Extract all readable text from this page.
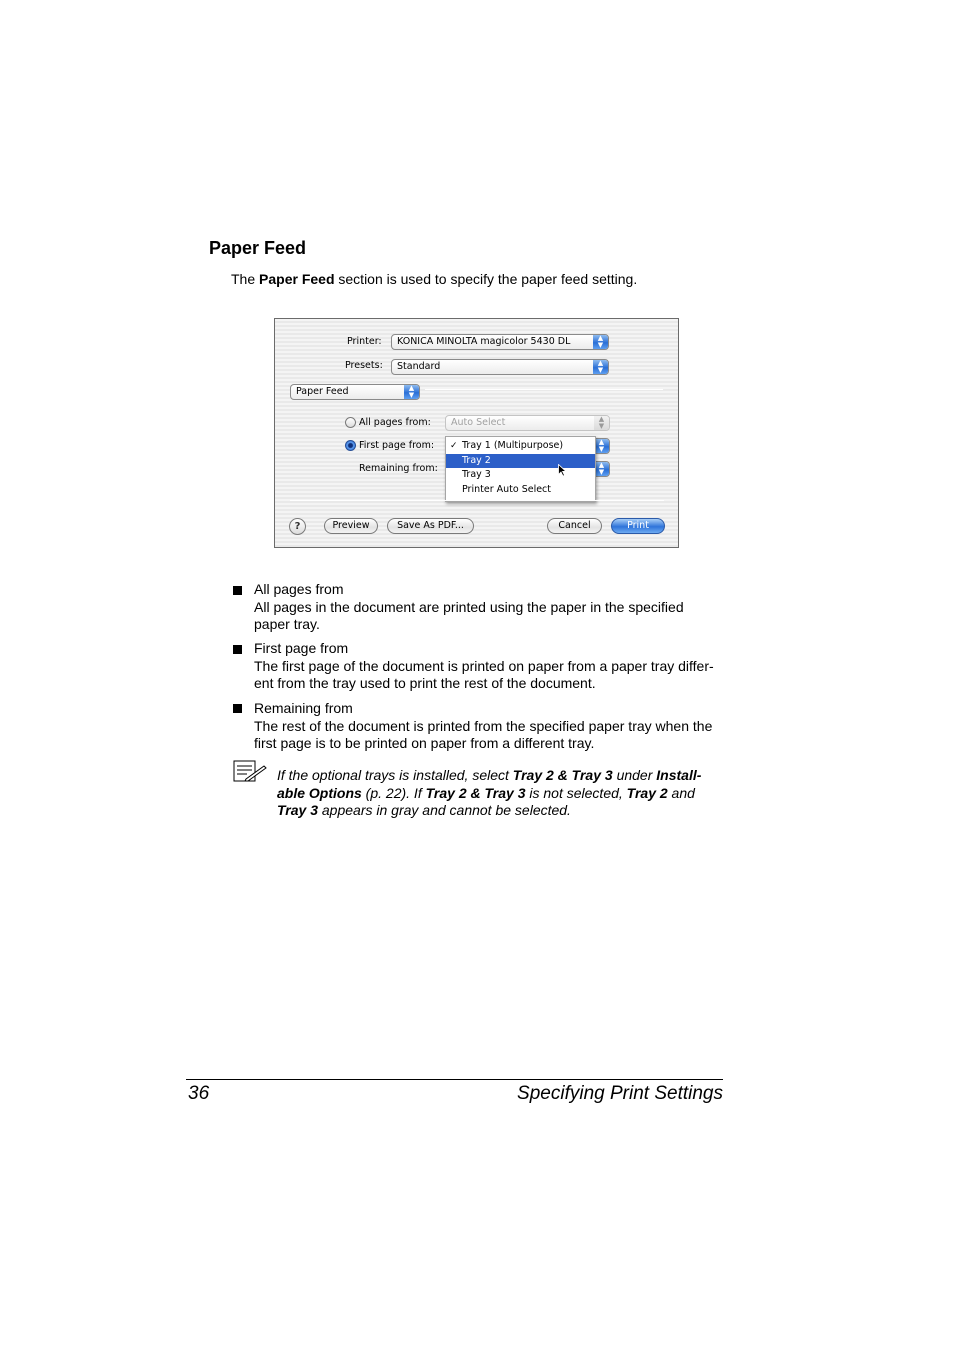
Paper Feed
The Paper Feed section is used to specify the paper feed setting.
Printer:	KONICA MINOLTA magicolor 5430 DL	▲
▼
Presets:	Standard	▲
▼
Paper Feed	▲
▼
All pages from:	Auto Select	▲
▼
First page from:	▲
▼
Remaining from:	▲
▼
✓ Tray 1 (Multipurpose)
Tray 2
Tray 3
Printer Auto Select
?	Preview	Save As PDF...	Cancel	Print
All pages from
All pages in the document are printed using the paper in the specified
paper tray.
First page from
The first page of the document is printed on paper from a paper tray differ-
ent from the tray used to print the rest of the document.
Remaining from
The rest of the document is printed from the specified paper tray when the
first page is to be printed on paper from a different tray.
If the optional trays is installed, select Tray 2 & Tray 3 under Install-
able Options (p. 22). If Tray 2 & Tray 3 is not selected, Tray 2 and
Tray 3 appears in gray and cannot be selected.
36	Specifying Print Settings
